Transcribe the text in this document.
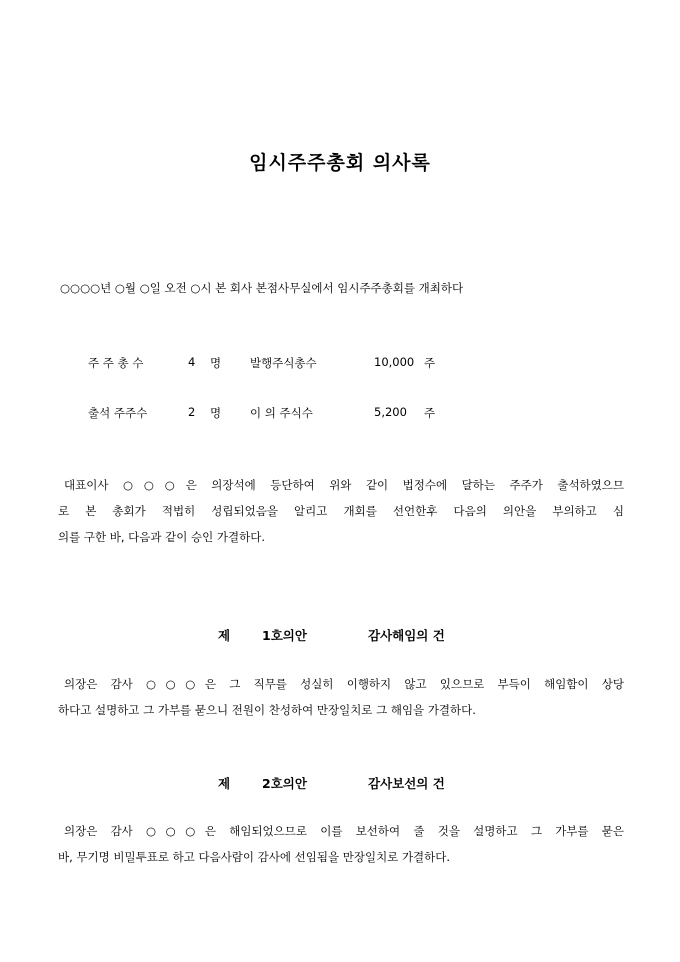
임시주주총회 의사록
○○○○년 ○월 ○일 오전 ○시 본 회사 본점사무실에서 임시주주총회를 개최하다
주 주 총 수	4 명	발행주식총수	10,000 주
출석 주주수	2 명	이 의 주식수	5,200 주
대표이사 ○○○은 의장석에 등단하여 위와 같이 법정수에 달하는 주주가 출석하였으므
로 본 총회가 적법히 성립되었음을 알리고 개회를 선언한후 다음의 의안을 부의하고 심
의를 구한 바, 다음과 같이 승인 가결하다.
제	1호의안	감사해임의 건
의장은 감사 ○○○은 그 직무를 성실히 이행하지 않고 있으므로 부득이 해임함이 상당
하다고 설명하고 그 가부를 묻으니 전원이 찬성하여 만장일치로 그 해임을 가결하다.
제	2호의안	감사보선의 건
의장은 감사 ○○○은 해임되었으므로 이를 보선하여 줄 것을 설명하고 그 가부를 묻은
바, 무기명 비밀투표로 하고 다음사람이 감사에 선임됨을 만장일치로 가결하다.
